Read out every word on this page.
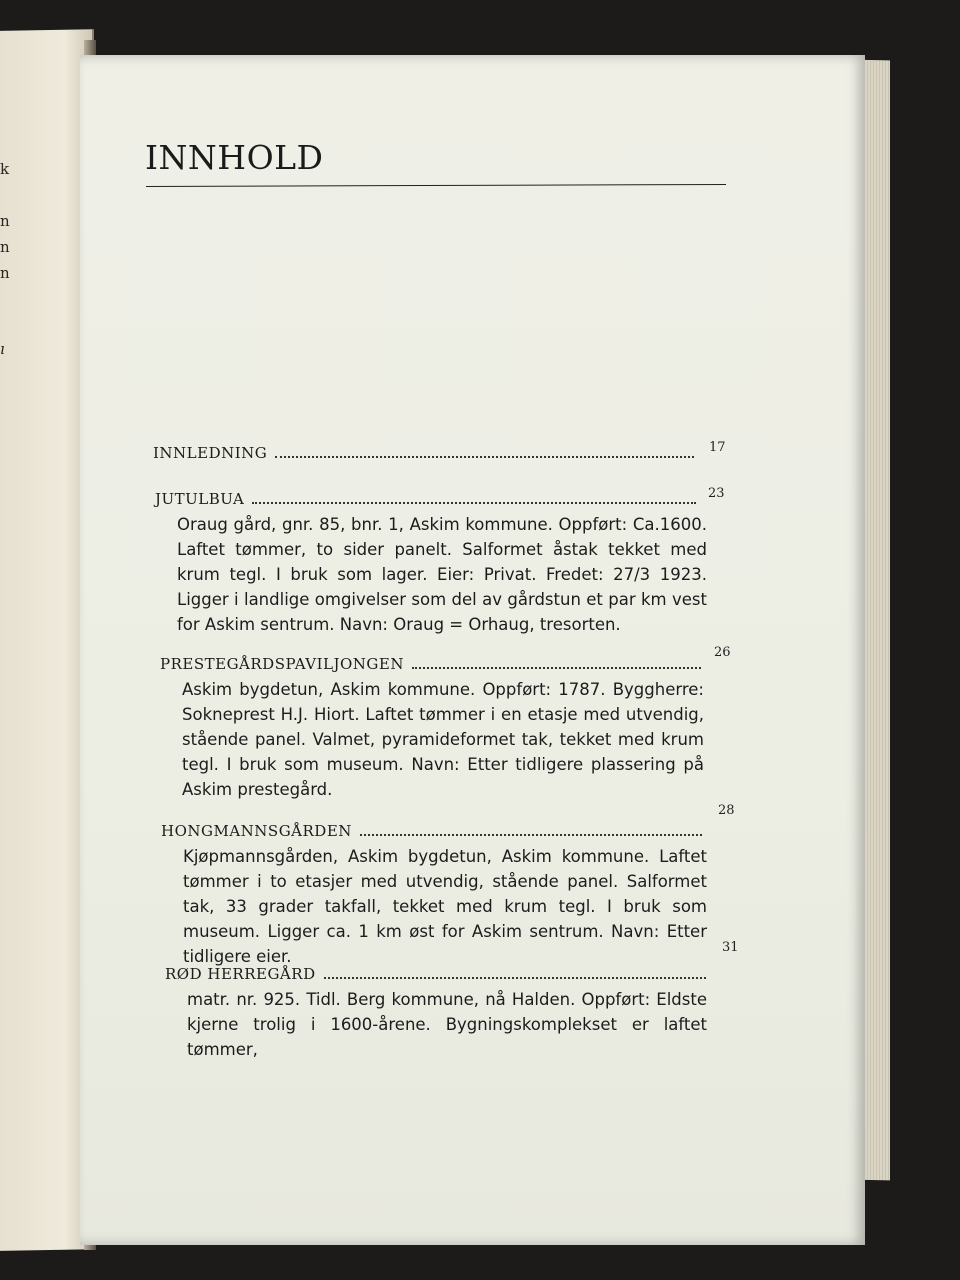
k
n
n
n
ı
INNHOLD
INNLEDNING	17
JUTULBUA
Oraug gård, gnr. 85, bnr. 1, Askim kommune. Oppført: Ca.1600. Laftet tømmer, to sider panelt. Salformet åstak tekket med krum tegl. I bruk som lager. Eier: Privat. Fredet: 27/3 1923. Ligger i landlige omgivelser som del av gårdstun et par km vest for Askim sentrum. Navn: Oraug = Orhaug, tresorten.
23
PRESTEGÅRDSPAVILJONGEN
Askim bygdetun, Askim kommune. Oppført: 1787. Byggherre: Sokneprest H.J. Hiort. Laftet tømmer i en etasje med utvendig, stående panel. Valmet, pyramideformet tak, tekket med krum tegl. I bruk som museum. Navn: Etter tidligere plassering på Askim prestegård.
26
HONGMANNSGÅRDEN
Kjøpmannsgården, Askim bygdetun, Askim kommune. Laftet tømmer i to etasjer med utvendig, stående panel. Salformet tak, 33 grader takfall, tekket med krum tegl. I bruk som museum. Ligger ca. 1 km øst for Askim sentrum. Navn: Etter tidligere eier.
28
RØD HERREGÅRD
matr. nr. 925. Tidl. Berg kommune, nå Halden. Oppført: Eldste kjerne trolig i 1600-årene. Bygningskomplekset er laftet tømmer,
31
